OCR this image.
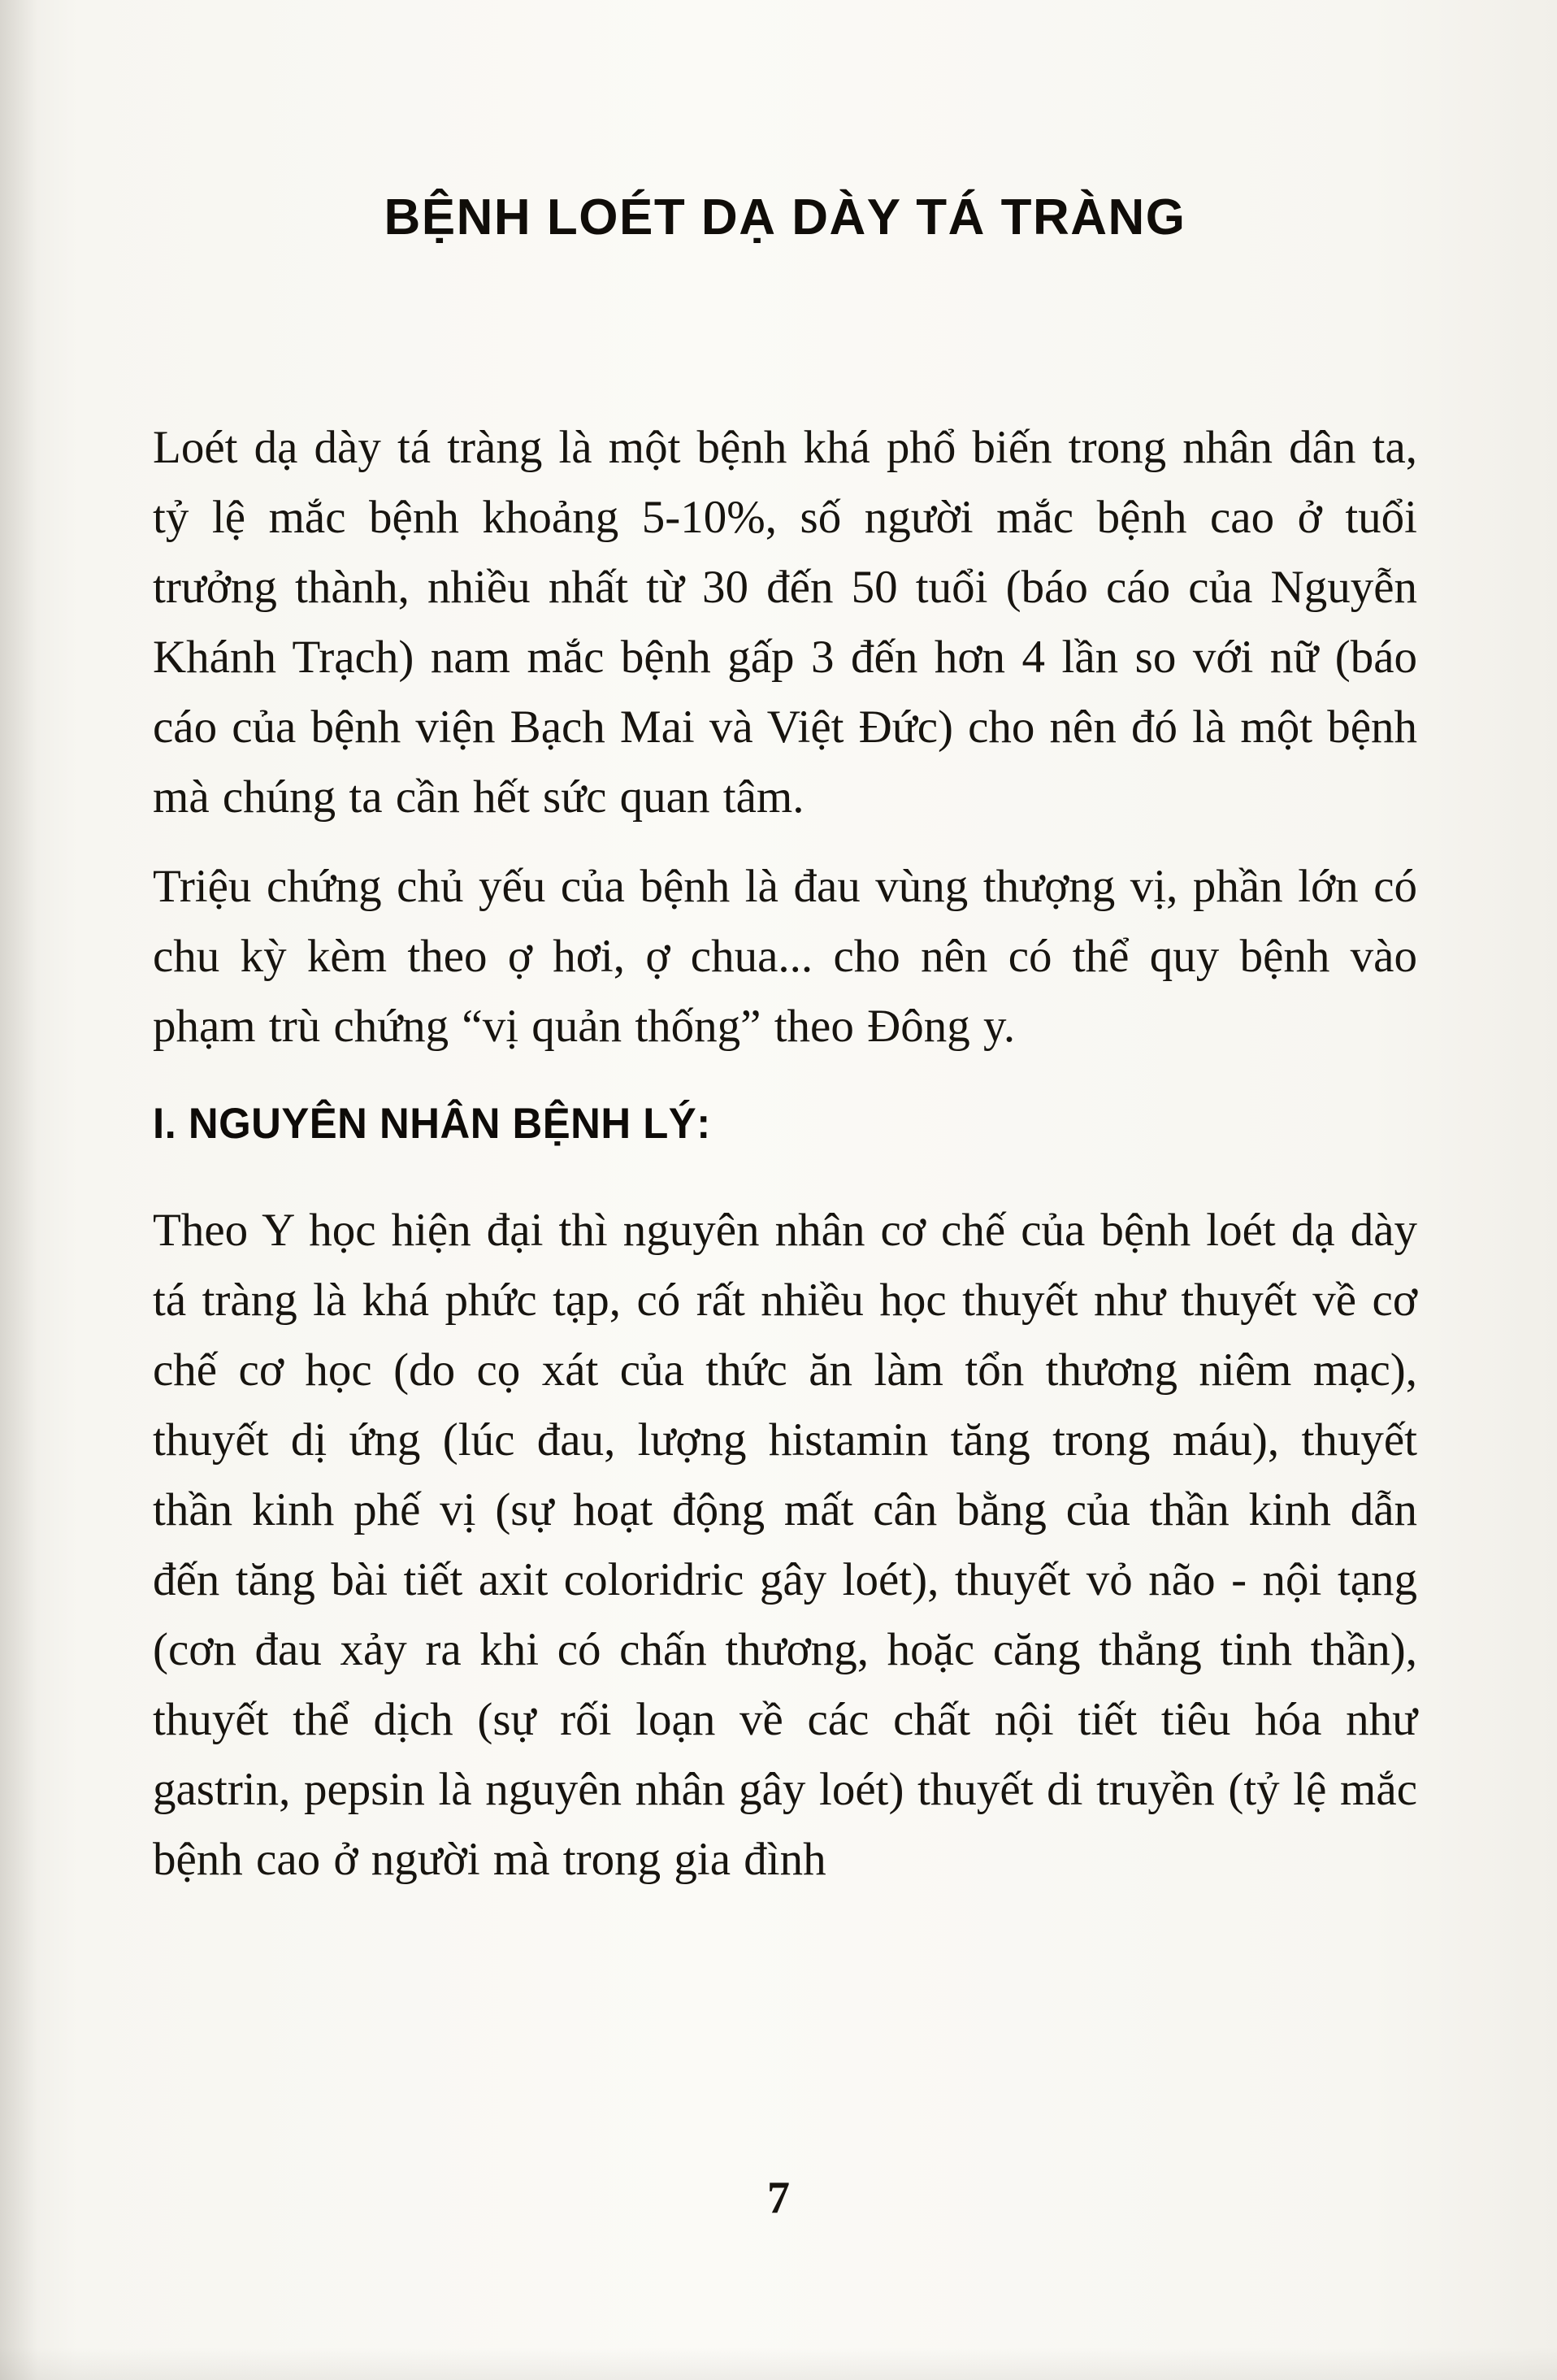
BỆNH LOÉT DẠ DÀY TÁ TRÀNG

Loét dạ dày tá tràng là một bệnh khá phổ biến trong nhân dân ta, tỷ lệ mắc bệnh khoảng 5-10%, số người mắc bệnh cao ở tuổi trưởng thành, nhiều nhất từ 30 đến 50 tuổi (báo cáo của Nguyễn Khánh Trạch) nam mắc bệnh gấp 3 đến hơn 4 lần so với nữ (báo cáo của bệnh viện Bạch Mai và Việt Đức) cho nên đó là một bệnh mà chúng ta cần hết sức quan tâm.

Triệu chứng chủ yếu của bệnh là đau vùng thượng vị, phần lớn có chu kỳ kèm theo ợ hơi, ợ chua... cho nên có thể quy bệnh vào phạm trù chứng “vị quản thống” theo Đông y.

I. NGUYÊN NHÂN BỆNH LÝ:

Theo Y học hiện đại thì nguyên nhân cơ chế của bệnh loét dạ dày tá tràng là khá phức tạp, có rất nhiều học thuyết như thuyết về cơ chế cơ học (do cọ xát của thức ăn làm tổn thương niêm mạc), thuyết dị ứng (lúc đau, lượng histamin tăng trong máu), thuyết thần kinh phế vị (sự hoạt động mất cân bằng của thần kinh dẫn đến tăng bài tiết axit coloridric gây loét), thuyết vỏ não - nội tạng (cơn đau xảy ra khi có chấn thương, hoặc căng thẳng tinh thần), thuyết thể dịch (sự rối loạn về các chất nội tiết tiêu hóa như gastrin, pepsin là nguyên nhân gây loét) thuyết di truyền (tỷ lệ mắc bệnh cao ở người mà trong gia đình

7
